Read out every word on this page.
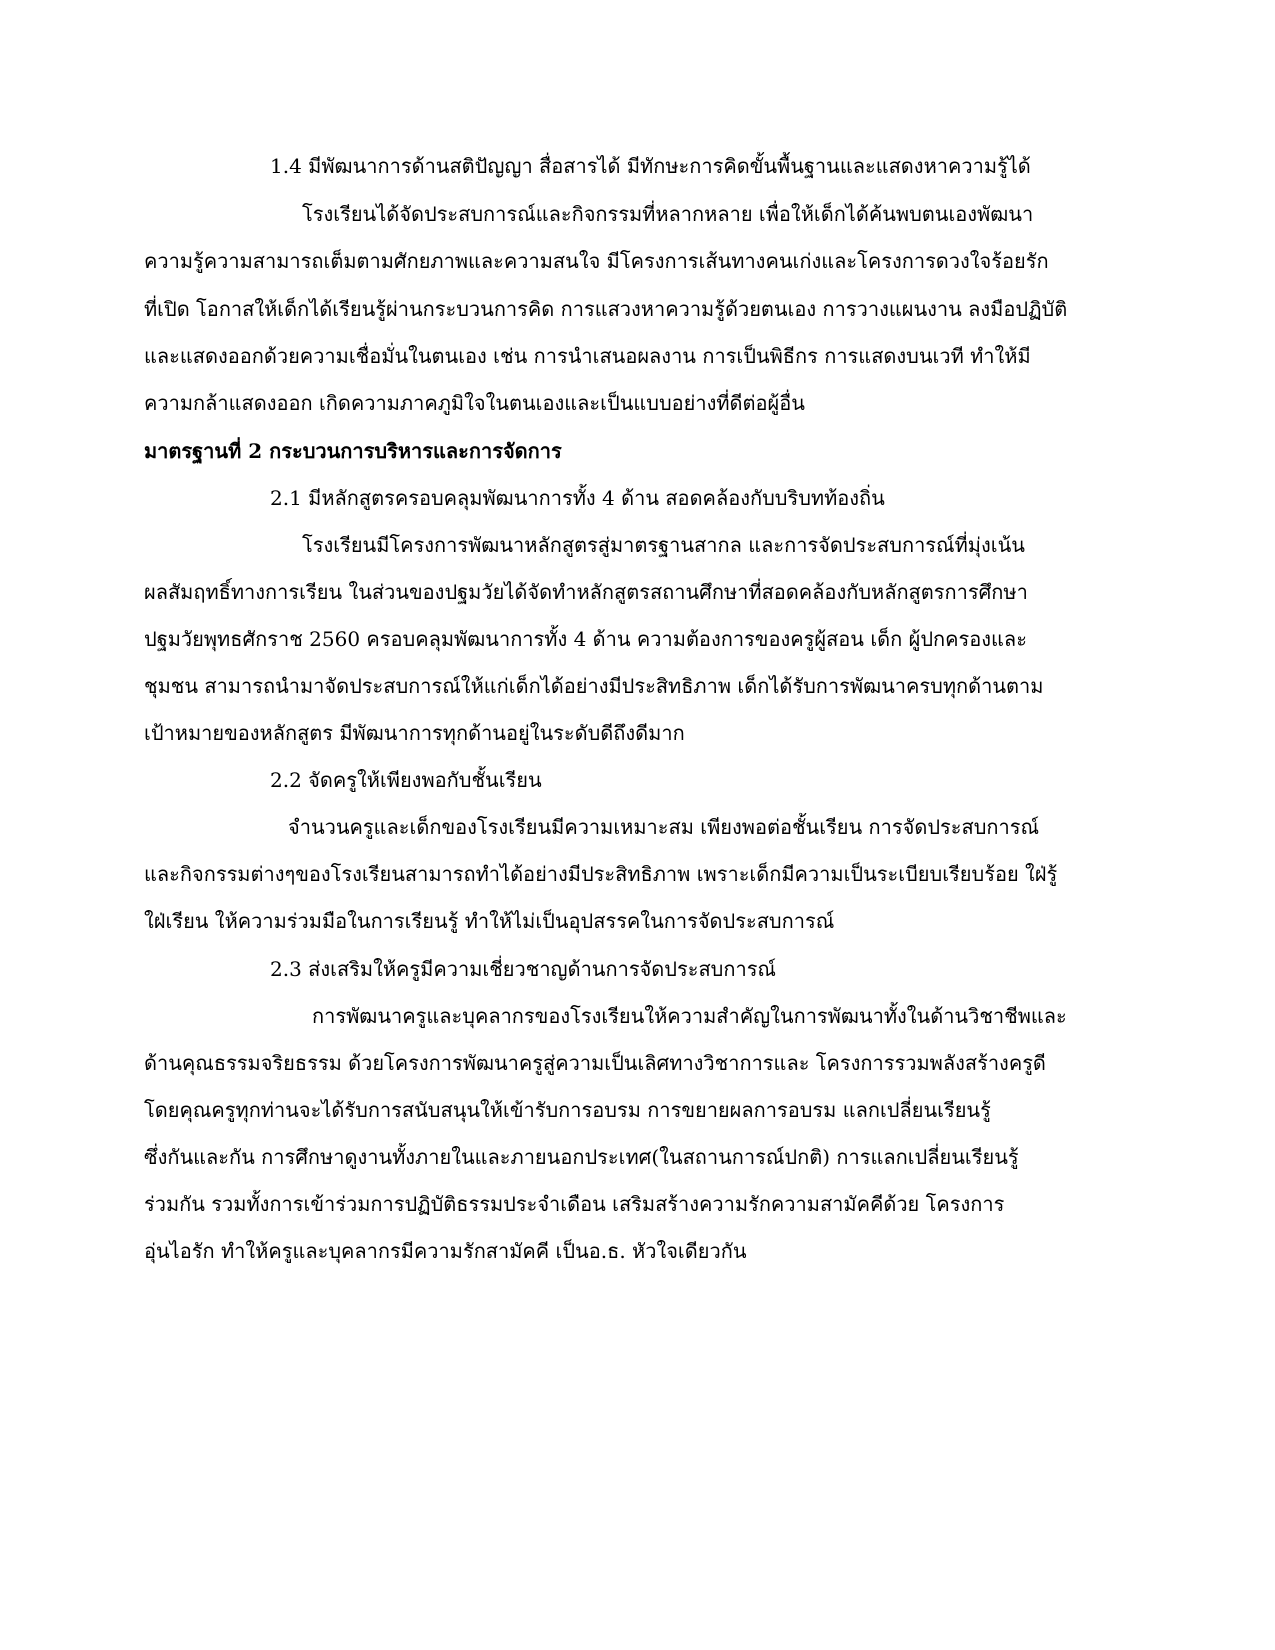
1.4 มีพัฒนาการด้านสติปัญญา สื่อสารได้ มีทักษะการคิดขั้นพื้นฐานและแสดงหาความรู้ได้
โรงเรียนได้จัดประสบการณ์และกิจกรรมที่หลากหลาย เพื่อให้เด็กได้ค้นพบตนเองพัฒนา
ความรู้ความสามารถเต็มตามศักยภาพและความสนใจ มีโครงการเส้นทางคนเก่งและโครงการดวงใจร้อยรัก
ที่เปิด โอกาสให้เด็กได้เรียนรู้ผ่านกระบวนการคิด การแสวงหาความรู้ด้วยตนเอง การวางแผนงาน ลงมือปฏิบัติ
และแสดงออกด้วยความเชื่อมั่นในตนเอง เช่น การนำเสนอผลงาน การเป็นพิธีกร การแสดงบนเวที ทำให้มี
ความกล้าแสดงออก เกิดความภาคภูมิใจในตนเองและเป็นแบบอย่างที่ดีต่อผู้อื่น
มาตรฐานที่ 2 กระบวนการบริหารและการจัดการ
2.1 มีหลักสูตรครอบคลุมพัฒนาการทั้ง 4 ด้าน สอดคล้องกับบริบทท้องถิ่น
โรงเรียนมีโครงการพัฒนาหลักสูตรสู่มาตรฐานสากล และการจัดประสบการณ์ที่มุ่งเน้น
ผลสัมฤทธิ์ทางการเรียน ในส่วนของปฐมวัยได้จัดทำหลักสูตรสถานศึกษาที่สอดคล้องกับหลักสูตรการศึกษา
ปฐมวัยพุทธศักราช 2560 ครอบคลุมพัฒนาการทั้ง 4 ด้าน ความต้องการของครูผู้สอน เด็ก ผู้ปกครองและ
ชุมชน สามารถนำมาจัดประสบการณ์ให้แก่เด็กได้อย่างมีประสิทธิภาพ เด็กได้รับการพัฒนาครบทุกด้านตาม
เป้าหมายของหลักสูตร มีพัฒนาการทุกด้านอยู่ในระดับดีถึงดีมาก
2.2 จัดครูให้เพียงพอกับชั้นเรียน
จำนวนครูและเด็กของโรงเรียนมีความเหมาะสม เพียงพอต่อชั้นเรียน การจัดประสบการณ์
และกิจกรรมต่างๆของโรงเรียนสามารถทำได้อย่างมีประสิทธิภาพ เพราะเด็กมีความเป็นระเบียบเรียบร้อย ใฝ่รู้
ใฝ่เรียน ให้ความร่วมมือในการเรียนรู้ ทำให้ไม่เป็นอุปสรรคในการจัดประสบการณ์
2.3 ส่งเสริมให้ครูมีความเชี่ยวชาญด้านการจัดประสบการณ์
การพัฒนาครูและบุคลากรของโรงเรียนให้ความสำคัญในการพัฒนาทั้งในด้านวิชาชีพและ
ด้านคุณธรรมจริยธรรม ด้วยโครงการพัฒนาครูสู่ความเป็นเลิศทางวิชาการและ โครงการรวมพลังสร้างครูดี
โดยคุณครูทุกท่านจะได้รับการสนับสนุนให้เข้ารับการอบรม การขยายผลการอบรม แลกเปลี่ยนเรียนรู้
ซึ่งกันและกัน การศึกษาดูงานทั้งภายในและภายนอกประเทศ(ในสถานการณ์ปกติ) การแลกเปลี่ยนเรียนรู้
ร่วมกัน รวมทั้งการเข้าร่วมการปฏิบัติธรรมประจำเดือน เสริมสร้างความรักความสามัคคีด้วย โครงการ
อุ่นไอรัก ทำให้ครูและบุคลากรมีความรักสามัคคี เป็นอ.ธ. หัวใจเดียวกัน
